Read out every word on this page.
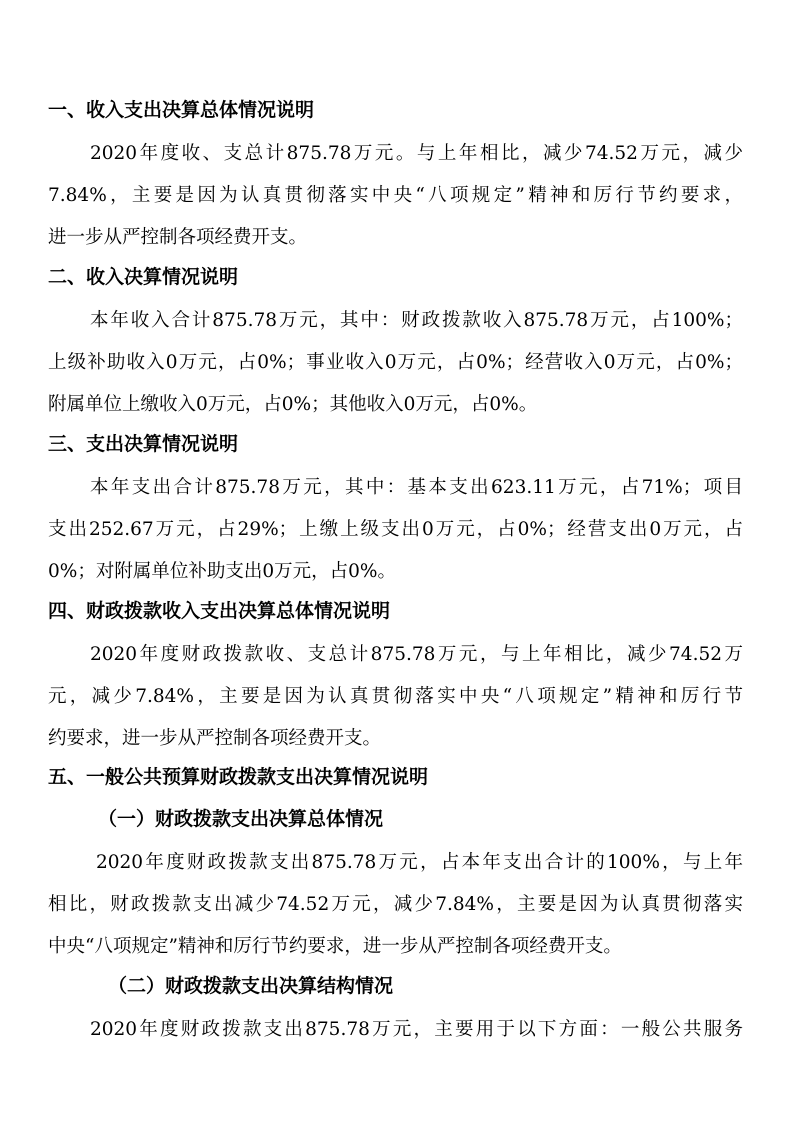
一、收入支出决算总体情况说明
2020年度收、支总计875.78万元。与上年相比，减少74.52万元，减少
7.84%，主要是因为认真贯彻落实中央“八项规定”精神和厉行节约要求，
进一步从严控制各项经费开支。
二、收入决算情况说明
本年收入合计875.78万元，其中：财政拨款收入875.78万元，占100%；
上级补助收入0万元，占0%；事业收入0万元，占0%；经营收入0万元，占0%；
附属单位上缴收入0万元，占0%；其他收入0万元，占0%。
三、支出决算情况说明
本年支出合计875.78万元，其中：基本支出623.11万元，占71%；项目
支出252.67万元，占29%；上缴上级支出0万元，占0%；经营支出0万元，占
0%；对附属单位补助支出0万元，占0%。
四、财政拨款收入支出决算总体情况说明
2020年度财政拨款收、支总计875.78万元，与上年相比，减少74.52万
元，减少7.84%，主要是因为认真贯彻落实中央“八项规定”精神和厉行节
约要求，进一步从严控制各项经费开支。
五、一般公共预算财政拨款支出决算情况说明
（一）财政拨款支出决算总体情况
2020年度财政拨款支出875.78万元，占本年支出合计的100%，与上年
相比，财政拨款支出减少74.52万元，减少7.84%，主要是因为认真贯彻落实
中央“八项规定”精神和厉行节约要求，进一步从严控制各项经费开支。
（二）财政拨款支出决算结构情况
2020年度财政拨款支出875.78万元，主要用于以下方面：一般公共服务
